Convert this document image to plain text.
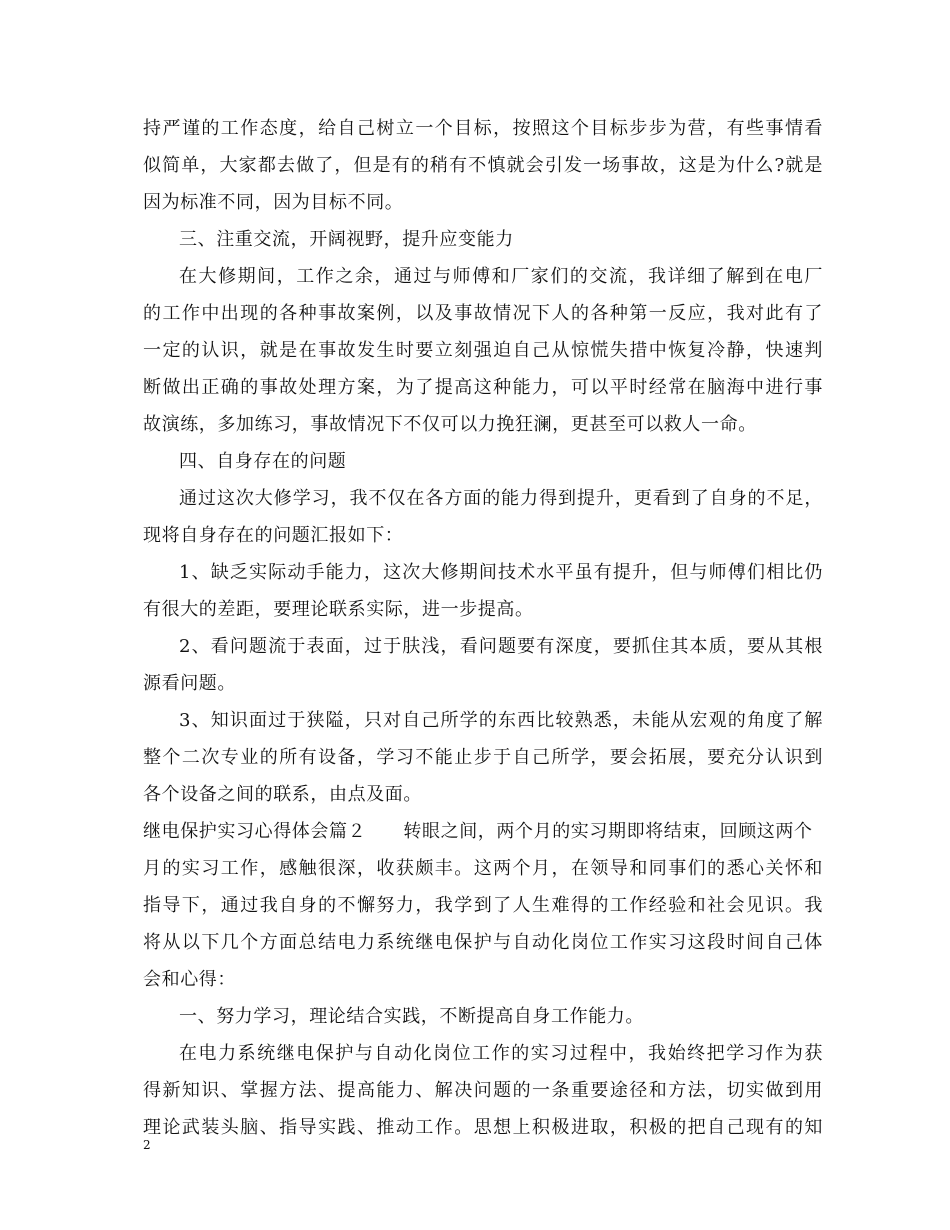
持严谨的工作态度，给自己树立一个目标，按照这个目标步步为营，有些事情看
似简单，大家都去做了，但是有的稍有不慎就会引发一场事故，这是为什么?就是
因为标准不同，因为目标不同。
三、注重交流，开阔视野，提升应变能力
在大修期间，工作之余，通过与师傅和厂家们的交流，我详细了解到在电厂
的工作中出现的各种事故案例，以及事故情况下人的各种第一反应，我对此有了
一定的认识，就是在事故发生时要立刻强迫自己从惊慌失措中恢复冷静，快速判
断做出正确的事故处理方案，为了提高这种能力，可以平时经常在脑海中进行事
故演练，多加练习，事故情况下不仅可以力挽狂澜，更甚至可以救人一命。
四、自身存在的问题
通过这次大修学习，我不仅在各方面的能力得到提升，更看到了自身的不足，
现将自身存在的问题汇报如下：
1、缺乏实际动手能力，这次大修期间技术水平虽有提升，但与师傅们相比仍
有很大的差距，要理论联系实际，进一步提高。
2、看问题流于表面，过于肤浅，看问题要有深度，要抓住其本质，要从其根
源看问题。
3、知识面过于狭隘，只对自己所学的东西比较熟悉，未能从宏观的角度了解
整个二次专业的所有设备，学习不能止步于自己所学，要会拓展，要充分认识到
各个设备之间的联系，由点及面。
继电保护实习心得体会篇２　　转眼之间，两个月的实习期即将结束，回顾这两个
月的实习工作，感触很深，收获颇丰。这两个月，在领导和同事们的悉心关怀和
指导下，通过我自身的不懈努力，我学到了人生难得的工作经验和社会见识。我
将从以下几个方面总结电力系统继电保护与自动化岗位工作实习这段时间自己体
会和心得：
一、努力学习，理论结合实践，不断提高自身工作能力。
在电力系统继电保护与自动化岗位工作的实习过程中，我始终把学习作为获
得新知识、掌握方法、提高能力、解决问题的一条重要途径和方法，切实做到用
理论武装头脑、指导实践、推动工作。思想上积极进取，积极的把自己现有的知
2
